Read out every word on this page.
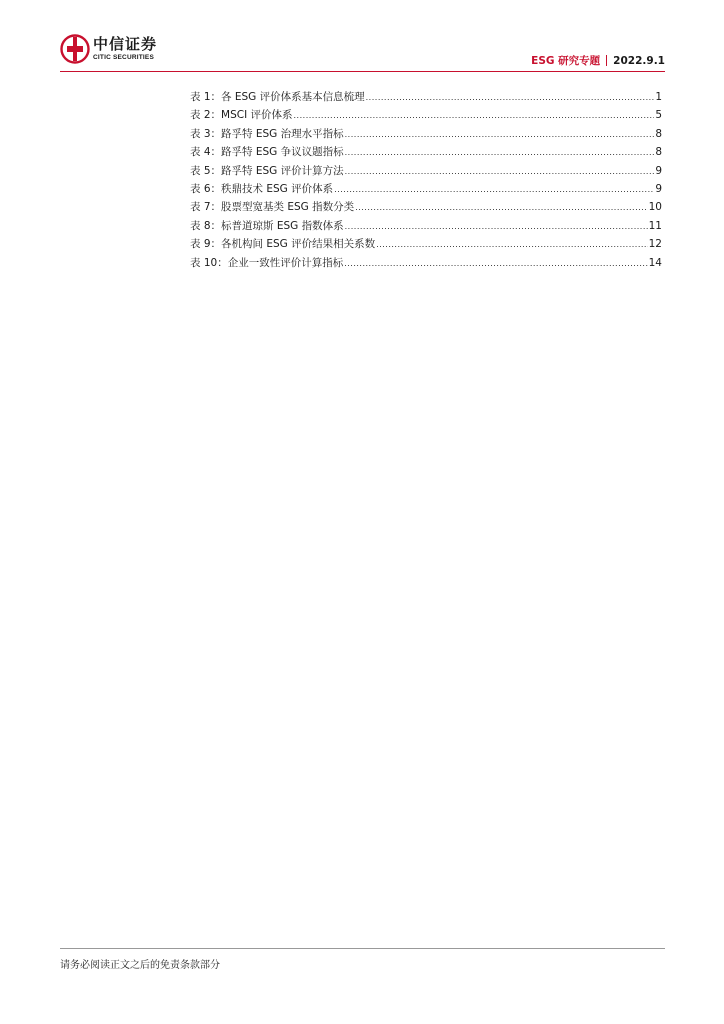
中信证券
CITIC SECURITIES	ESG 研究专题 2022.9.1
表 1：各 ESG 评价体系基本信息梳理 .....	1
表 2：MSCI 评价体系 .....	5
表 3：路孚特 ESG 治理水平指标 .....	8
表 4：路孚特 ESG 争议议题指标 .....	8
表 5：路孚特 ESG 评价计算方法 .....	9
表 6：秩鼎技术 ESG 评价体系 .....	9
表 7：股票型宽基类 ESG 指数分类 .....	10
表 8：标普道琼斯 ESG 指数体系 .....	11
表 9：各机构间 ESG 评价结果相关系数 .....	12
表 10：企业一致性评价计算指标 .....	14
请务必阅读正文之后的免责条款部分
